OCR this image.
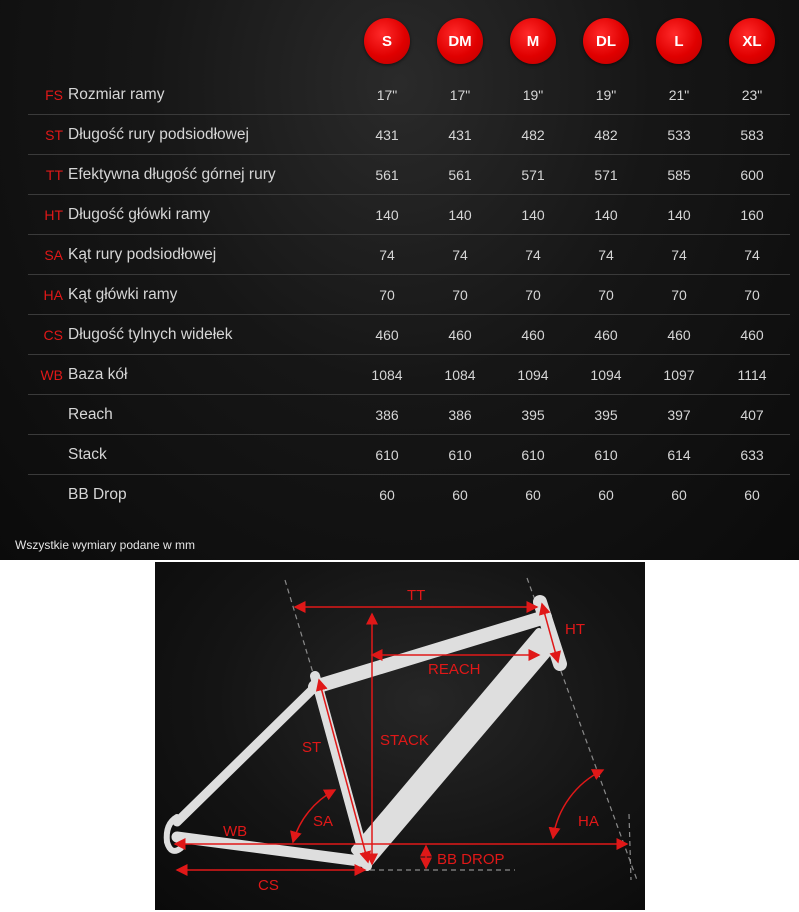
S	DM	M	DL	L	XL
FS Rozmiar ramy	17"	17"	19"	19"	21"	23"
ST Długość rury podsiodłowej	431	431	482	482	533	583
TT Efektywna długość górnej rury	561	561	571	571	585	600
HT Długość główki ramy	140	140	140	140	140	160
SA Kąt rury podsiodłowej	74	74	74	74	74	74
HA Kąt główki ramy	70	70	70	70	70	70
CS Długość tylnych widełek	460	460	460	460	460	460
WB Baza kół	1084	1084	1094	1094	1097	1114
Reach	386	386	395	395	397	407
Stack	610	610	610	610	614	633
BB Drop	60	60	60	60	60	60
Wszystkie wymiary podane w mm
TT
HT
REACH
ST	STACK
SA	HA
WB
BB DROP
CS
